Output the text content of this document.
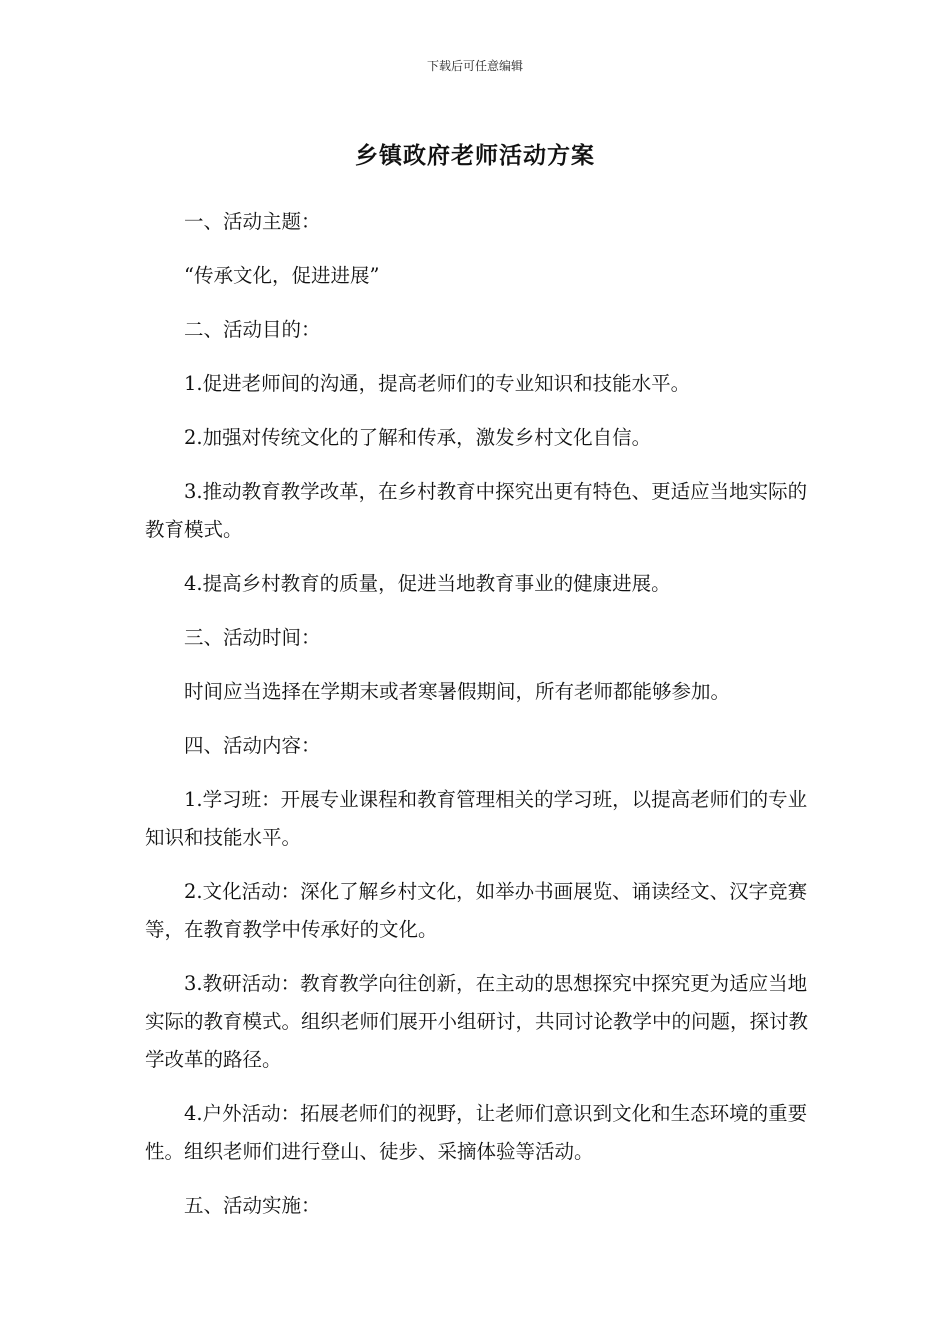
下载后可任意编辑
乡镇政府老师活动方案
一、活动主题：
“传承文化，促进进展”
二、活动目的：
1.促进老师间的沟通，提高老师们的专业知识和技能水平。
2.加强对传统文化的了解和传承，激发乡村文化自信。
3.推动教育教学改革，在乡村教育中探究出更有特色、更适应当地实际的教育模式。
4.提高乡村教育的质量，促进当地教育事业的健康进展。
三、活动时间：
时间应当选择在学期末或者寒暑假期间，所有老师都能够参加。
四、活动内容：
1.学习班：开展专业课程和教育管理相关的学习班，以提高老师们的专业知识和技能水平。
2.文化活动：深化了解乡村文化，如举办书画展览、诵读经文、汉字竞赛等，在教育教学中传承好的文化。
3.教研活动：教育教学向往创新，在主动的思想探究中探究更为适应当地实际的教育模式。组织老师们展开小组研讨，共同讨论教学中的问题，探讨教学改革的路径。
4.户外活动：拓展老师们的视野，让老师们意识到文化和生态环境的重要性。组织老师们进行登山、徒步、采摘体验等活动。
五、活动实施：
